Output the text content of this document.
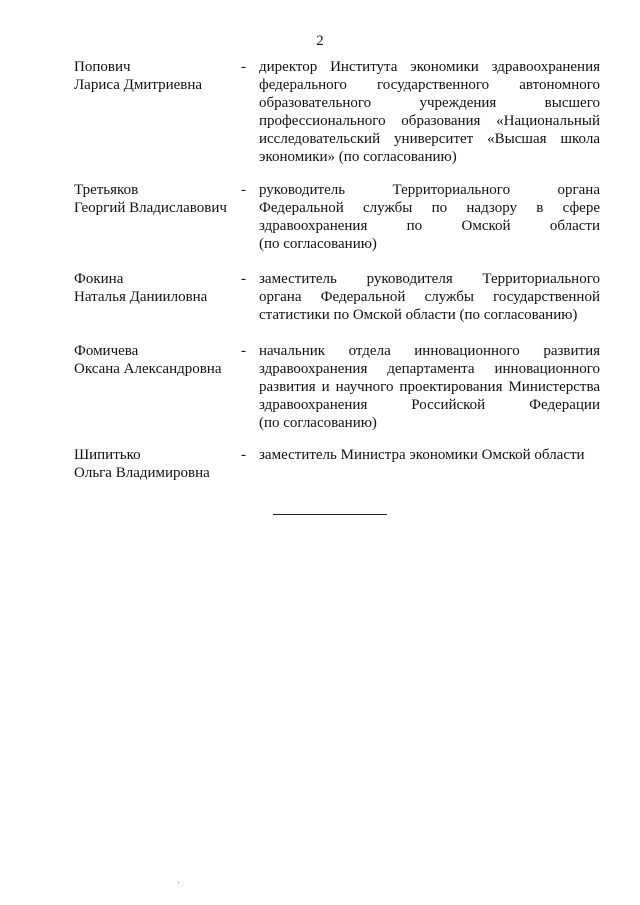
2
Попович
Лариса Дмитриевна
- директор Института экономики здравоохранения
федерального государственного автономного
образовательного учреждения высшего
профессионального образования «Национальный
исследовательский университет «Высшая школа
экономики» (по согласованию)
Третьяков
Георгий Владиславович
- руководитель Территориального органа
Федеральной службы по надзору в сфере
здравоохранения по Омской области
(по согласованию)
Фокина
Наталья Данииловна
- заместитель руководителя Территориального
органа Федеральной службы государственной
статистики по Омской области (по согласованию)
Фомичева
Оксана Александровна
- начальник отдела инновационного развития
здравоохранения департамента инновационного
развития и научного проектирования Министерства
здравоохранения Российской Федерации
(по согласованию)
Шипитько
Ольга Владимировна
- заместитель Министра экономики Омской области
